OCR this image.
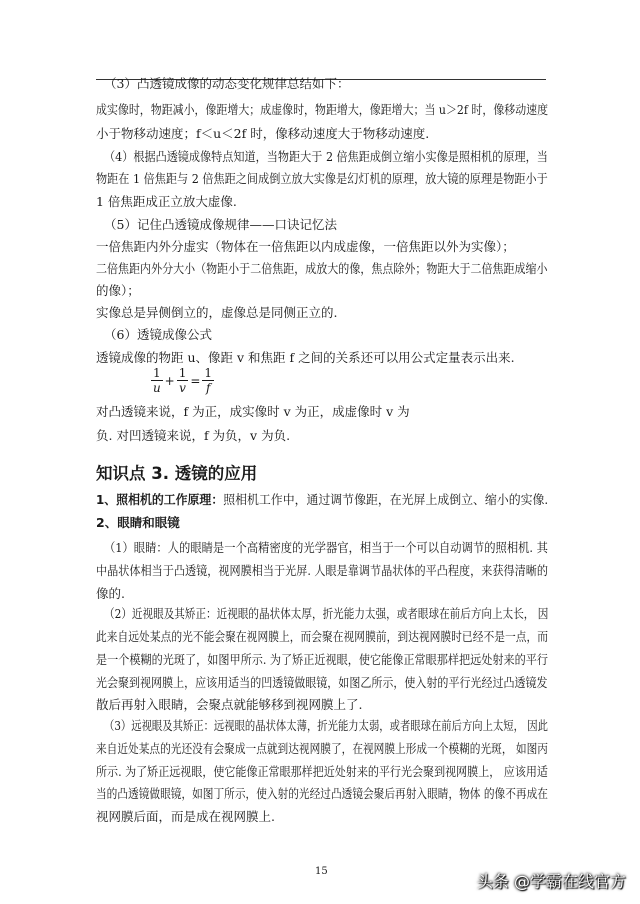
（3）凸透镜成像的动态变化规律总结如下：
成实像时，物距减小，像距增大；成虚像时，物距增大，像距增大；当 u＞2f 时，像移动速度
小于物移动速度；f＜u＜2f 时，像移动速度大于物移动速度.
（4）根据凸透镜成像特点知道，当物距大于 2 倍焦距成倒立缩小实像是照相机的原理，当
物距在 1 倍焦距与 2 倍焦距之间成倒立放大实像是幻灯机的原理，放大镜的原理是物距小于
1 倍焦距成正立放大虚像.
（5）记住凸透镜成像规律——口诀记忆法
一倍焦距内外分虚实（物体在一倍焦距以内成虚像，一倍焦距以外为实像）；
二倍焦距内外分大小（物距小于二倍焦距，成放大的像，焦点除外；物距大于二倍焦距成缩小
的像）；
实像总是异侧倒立的，虚像总是同侧正立的.
（6）透镜成像公式
透镜成像的物距 u、像距 v 和焦距 f 之间的关系还可以用公式定量表示出来.
$\frac{1}{u} + \frac{1}{v} = \frac{1}{f}$
对凸透镜来说，f 为正，成实像时 v 为正，成虚像时 v 为
负. 对凹透镜来说，f 为负，v 为负.
知识点 3. 透镜的应用
1、照相机的工作原理：照相机工作中，通过调节像距，在光屏上成倒立、缩小的实像.
2、眼睛和眼镜
（1）眼睛：人的眼睛是一个高精密度的光学器官，相当于一个可以自动调节的照相机. 其
中晶状体相当于凸透镜，视网膜相当于光屏. 人眼是靠调节晶状体的平凸程度，来获得清晰的
像的.
（2）近视眼及其矫正：近视眼的晶状体太厚，折光能力太强，或者眼球在前后方向上太长， 因
此来自远处某点的光不能会聚在视网膜上，而会聚在视网膜前，到达视网膜时已经不是一点，而
是一个模糊的光斑了，如图甲所示. 为了矫正近视眼，使它能像正常眼那样把远处射来的平行
光会聚到视网膜上，应该用适当的凹透镜做眼镜，如图乙所示，使入射的平行光经过凸透镜发
散后再射入眼睛，会聚点就能够移到视网膜上了.
（3）远视眼及其矫正：远视眼的晶状体太薄，折光能力太弱，或者眼球在前后方向上太短， 因此
来自近处某点的光还没有会聚成一点就到达视网膜了，在视网膜上形成一个模糊的光斑， 如图丙
所示. 为了矫正远视眼，使它能像正常眼那样把近处射来的平行光会聚到视网膜上， 应该用适
当的凸透镜做眼镜，如图丁所示，使入射的光经过凸透镜会聚后再射入眼睛，物体 的像不再成在
视网膜后面，而是成在视网膜上.
15
头条 @学霸在线官方
